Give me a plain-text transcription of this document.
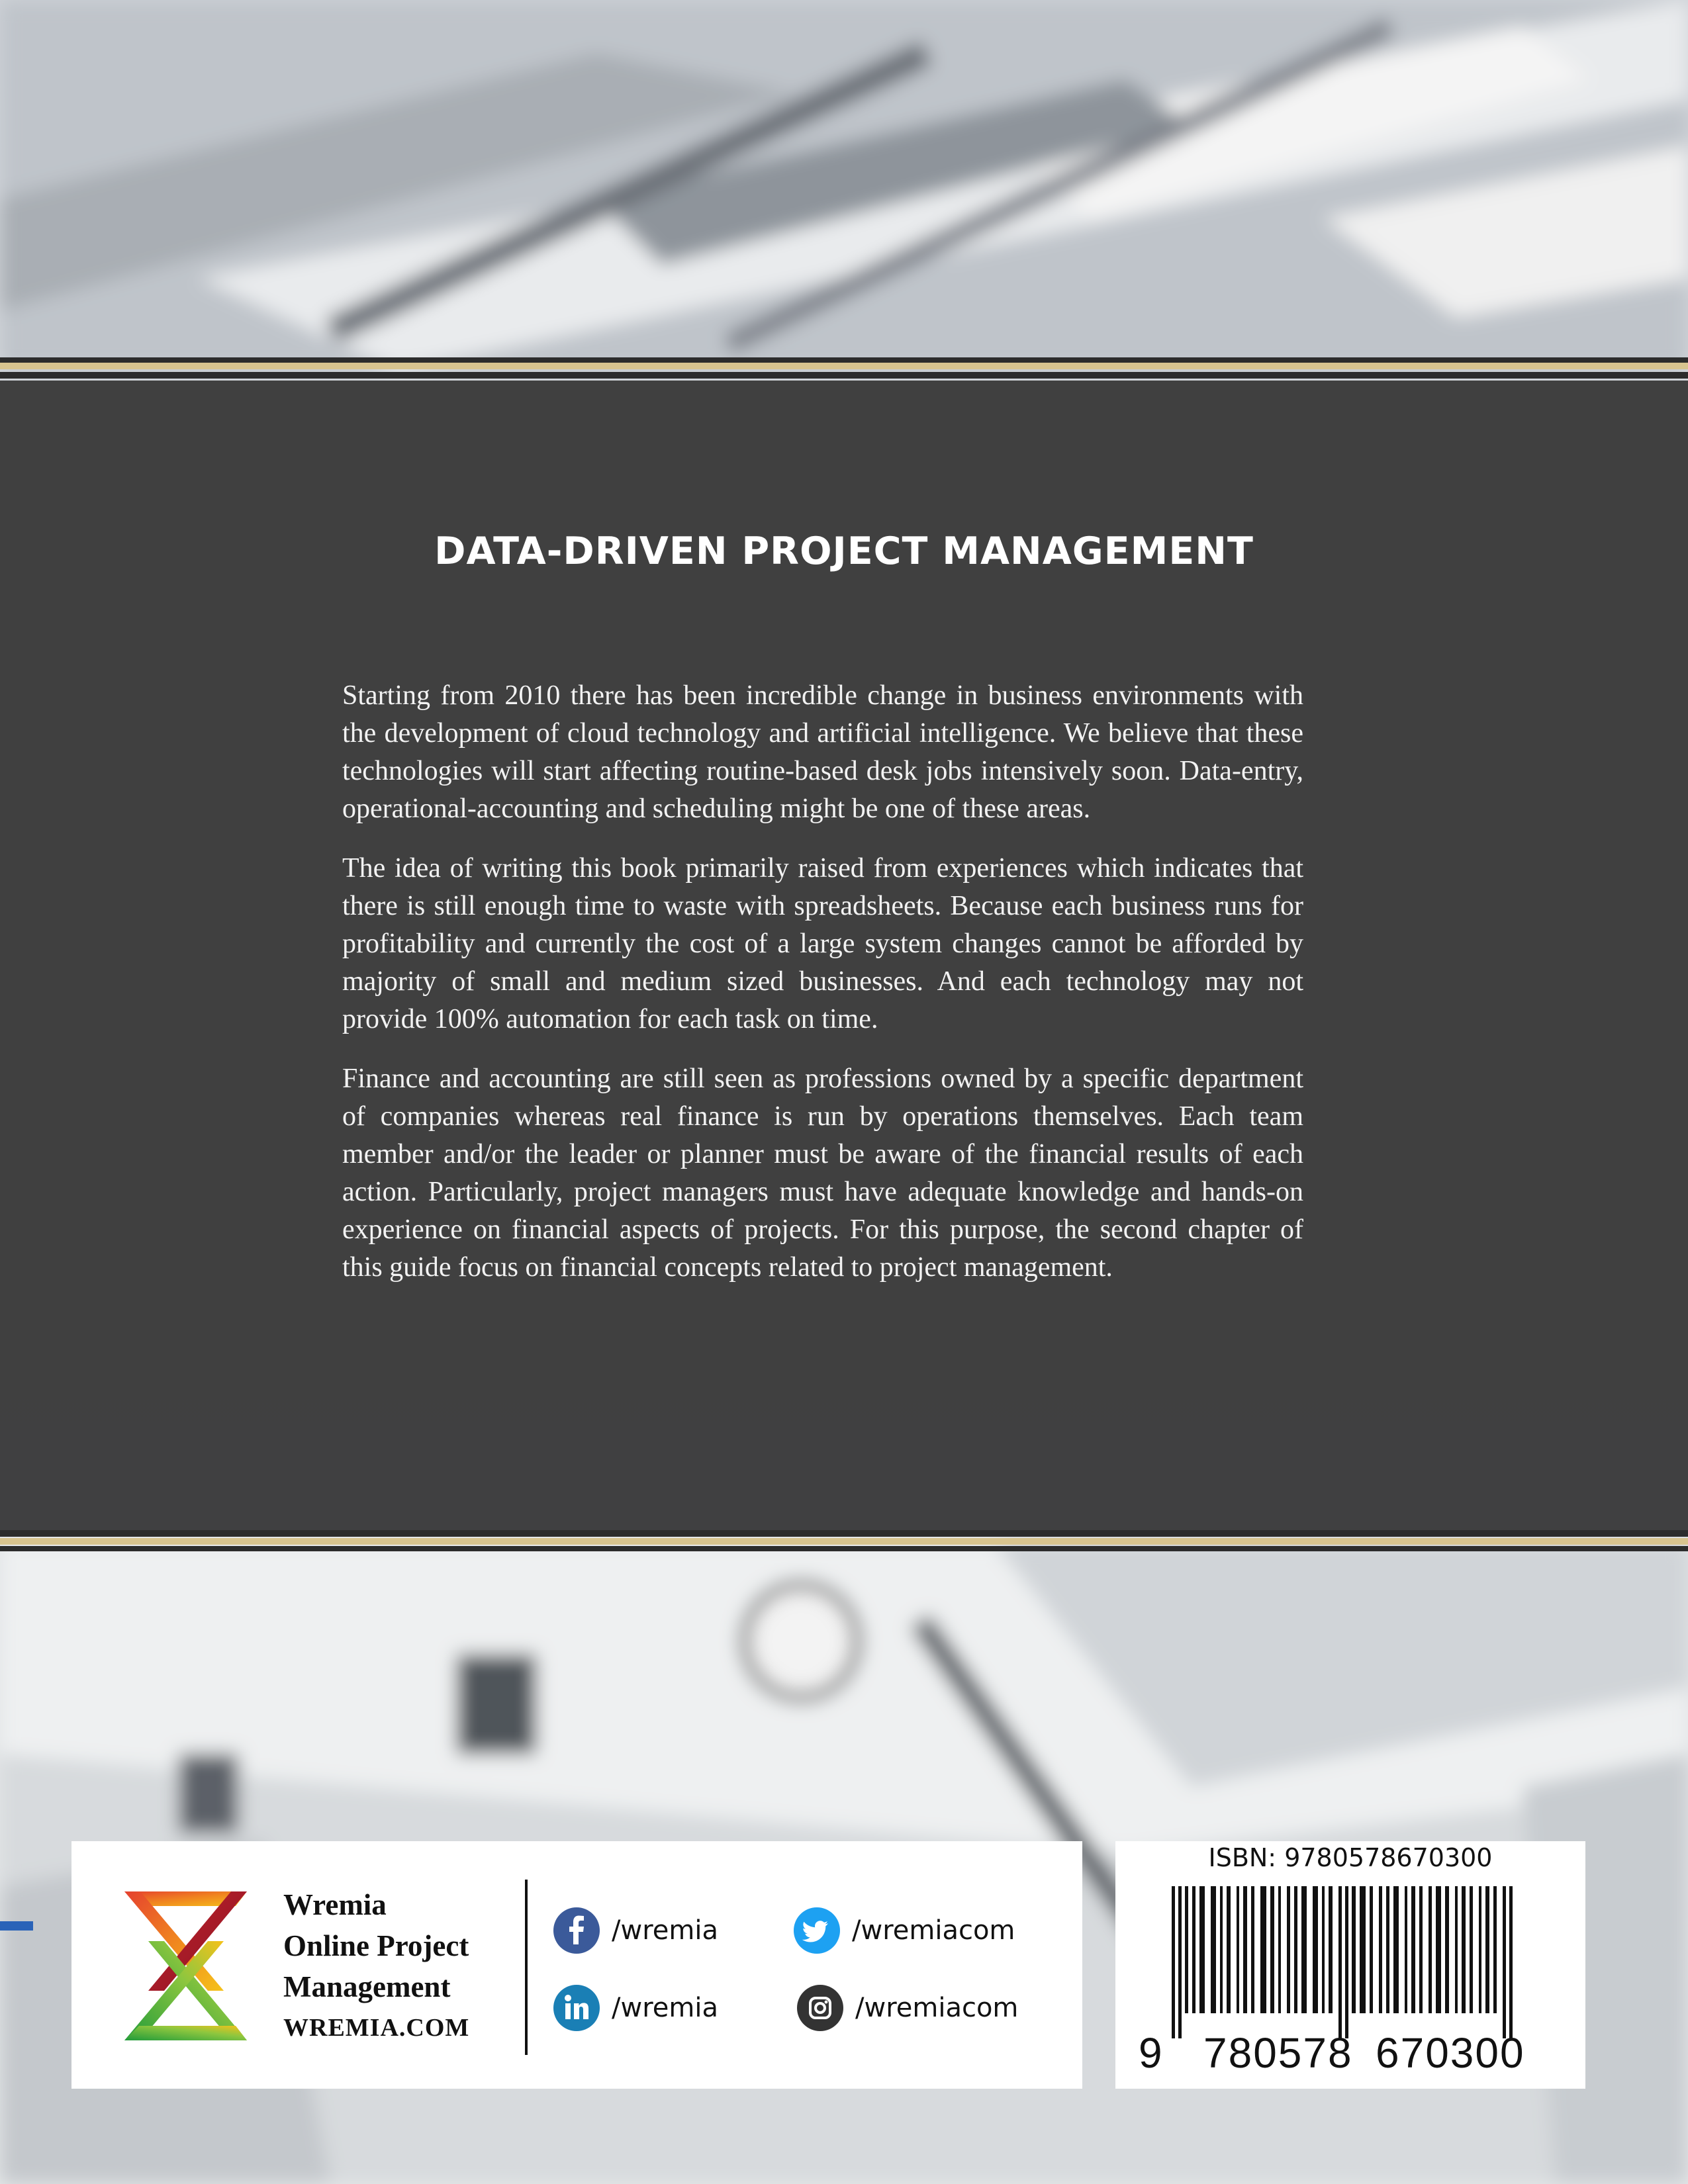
DATA-DRIVEN PROJECT MANAGEMENT

Starting from 2010 there has been incredible change in business environments with the development of cloud technology and artificial intelligence. We believe that these technologies will start affecting routine-based desk jobs intensively soon. Data-entry, operational-accounting and scheduling might be one of these areas.

The idea of writing this book primarily raised from experiences which indicates that there is still enough time to waste with spreadsheets. Because each business runs for profitability and currently the cost of a large system changes cannot be afforded by majority of small and medium sized businesses. And each technology may not provide 100% automation for each task on time.

Finance and accounting are still seen as professions owned by a specific department of companies whereas real finance is run by operations themselves. Each team member and/or the leader or planner must be aware of the financial results of each action. Particularly, project managers must have adequate knowledge and hands-on experience on financial aspects of projects. For this purpose, the second chapter of this guide focus on financial concepts related to project management.

Wremia
Online Project
Management
WREMIA.COM
/wremia	/wremiacom
/wremia	/wremiacom
ISBN: 9780578670300
9 780578 670300
